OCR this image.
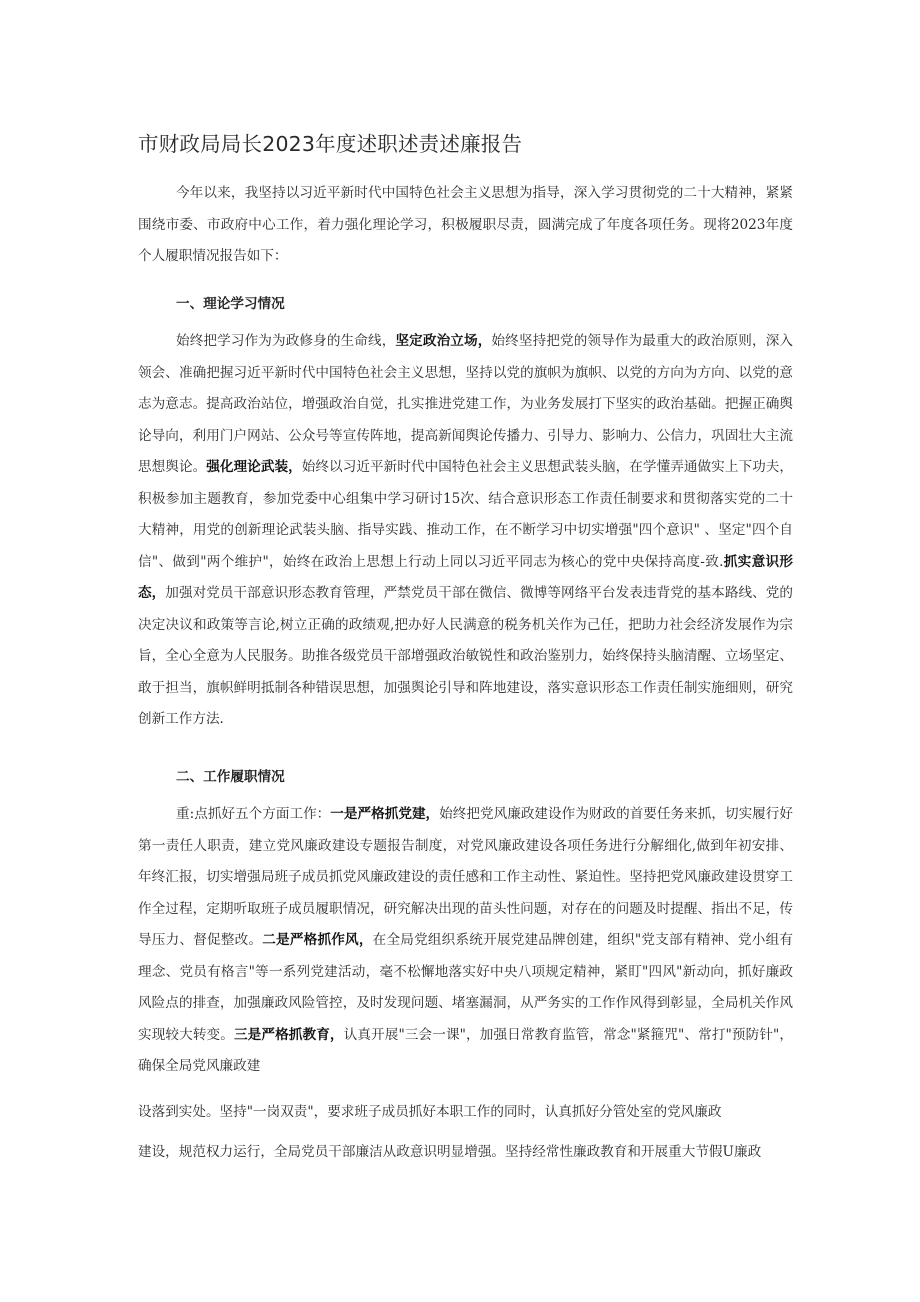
市财政局局长2023年度述职述责述廉报告

今年以来，我坚持以习近平新时代中国特色社会主义思想为指导，深入学习贯彻党的二十大精神，紧紧围绕市委、市政府中心工作，着力强化理论学习，积极履职尽责，圆满完成了年度各项任务。现将2023年度个人履职情况报告如下：

一、理论学习情况

始终把学习作为为政修身的生命线，坚定政治立场，始终坚持把党的领导作为最重大的政治原则，深入领会、准确把握习近平新时代中国特色社会主义思想，坚持以党的旗帜为旗帜、以党的方向为方向、以党的意志为意志。提高政治站位，增强政治自觉，扎实推进党建工作，为业务发展打下坚实的政治基础。把握正确舆论导向，利用门户网站、公众号等宣传阵地，提高新闻舆论传播力、引导力、影响力、公信力，巩固壮大主流思想舆论。强化理论武装，始终以习近平新时代中国特色社会主义思想武装头脑，在学懂弄通做实上下功夫，积极参加主题教育，参加党委中心组集中学习研讨15次、结合意识形态工作责任制要求和贯彻落实党的二十大精神，用党的创新理论武装头脑、指导实践、推动工作，在不断学习中切实增强"四个意识" 、坚定"四个自信"、做到"两个维护"，始终在政治上思想上行动上同以习近平同志为核心的党中央保持高度-致.抓实意识形态，加强对党员干部意识形态教育管理，严禁党员干部在微信、微博等网络平台发表违背党的基本路线、党的决定决议和政策等言论,树立正确的政绩观,把办好人民满意的税务机关作为己任，把助力社会经济发展作为宗旨，全心全意为人民服务。助推各级党员干部增强政治敏锐性和政治鉴别力，始终保持头脑清醒、立场坚定、敢于担当，旗帜鲜明抵制各种错误思想，加强舆论引导和阵地建设，落实意识形态工作责任制实施细则，研究创新工作方法.

二、工作履职情况

重:点抓好五个方面工作：一是严格抓党建，始终把党风廉政建设作为财政的首要任务来抓，切实履行好第一责任人职责，建立党风廉政建设专题报告制度，对党风廉政建设各项任务进行分解细化,做到年初安排、年终汇报，切实增强局班子成员抓党风廉政建设的责任感和工作主动性、紧迫性。坚持把党风廉政建设贯穿工作全过程，定期听取班子成员履职情况，研究解决出现的苗头性问题，对存在的问题及时提醒、指出不足，传导压力、督促整改。二是严格抓作风，在全局党组织系统开展党建品牌创建，组织"党支部有精神、党小组有理念、党员有格言"等一系列党建活动，毫不松懈地落实好中央八项规定精神，紧盯"四风"新动向，抓好廉政风险点的排查，加强廉政风险管控，及时发现问题、堵塞漏洞，从严务实的工作作风得到彰显，全局机关作风实现较大转变。三是严格抓教育，认真开展"三会一课"，加强日常教育监管，常念"紧箍咒"、常打"预防针"，确保全局党风廉政建

设落到实处。坚持"一岗双责"，要求班子成员抓好本职工作的同时，认真抓好分管处室的党风廉政
建设，规范权力运行，全局党员干部廉洁从政意识明显增强。坚持经常性廉政教育和开展重大节假U廉政
